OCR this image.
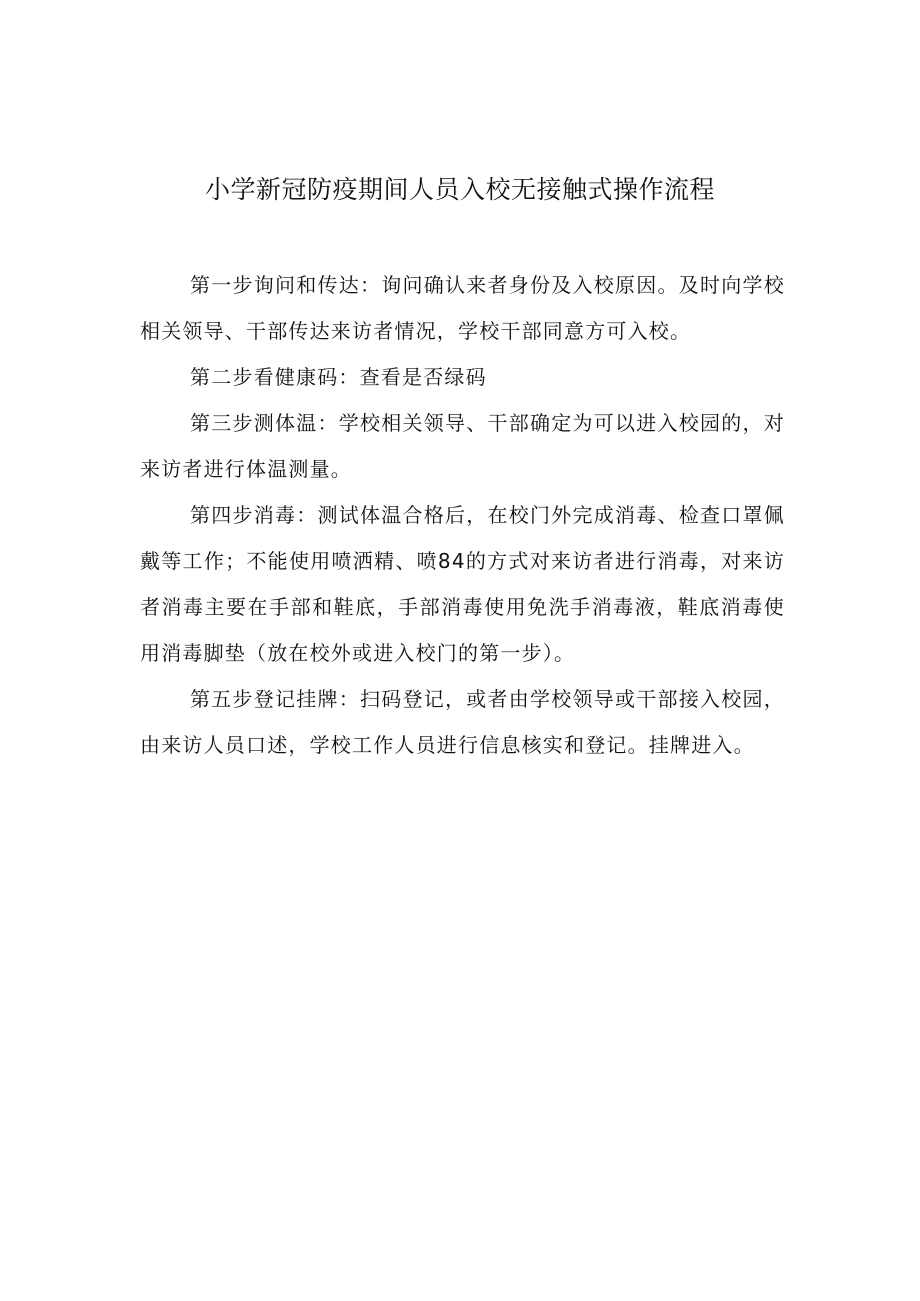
小学新冠防疫期间人员入校无接触式操作流程

第一步询问和传达：询问确认来者身份及入校原因。及时向学校相关领导、干部传达来访者情况，学校干部同意方可入校。

第二步看健康码：查看是否绿码

第三步测体温：学校相关领导、干部确定为可以进入校园的，对来访者进行体温测量。

第四步消毒：测试体温合格后，在校门外完成消毒、检查口罩佩戴等工作；不能使用喷洒精、喷84的方式对来访者进行消毒，对来访者消毒主要在手部和鞋底，手部消毒使用免洗手消毒液，鞋底消毒使用消毒脚垫（放在校外或进入校门的第一步）。

第五步登记挂牌：扫码登记，或者由学校领导或干部接入校园，由来访人员口述，学校工作人员进行信息核实和登记。挂牌进入。
